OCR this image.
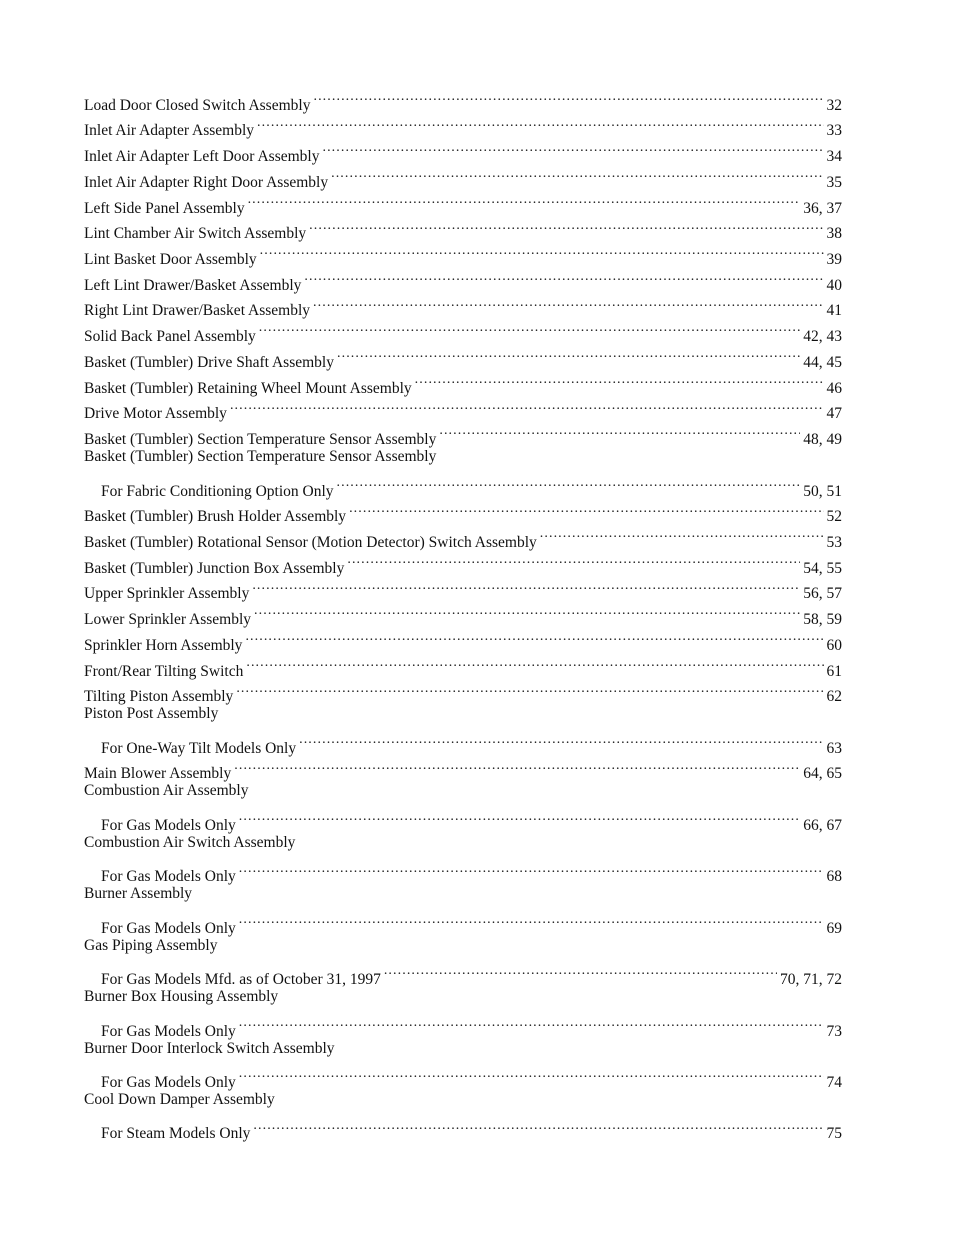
Load Door Closed Switch Assembly .....	32
Inlet Air Adapter Assembly .....	33
Inlet Air Adapter Left Door Assembly .....	34
Inlet Air Adapter Right Door Assembly .....	35
Left Side Panel Assembly .....	36, 37
Lint Chamber Air Switch Assembly .....	38
Lint Basket Door Assembly .....	39
Left Lint Drawer/Basket Assembly .....	40
Right Lint Drawer/Basket Assembly .....	41
Solid Back Panel Assembly .....	42, 43
Basket (Tumbler) Drive Shaft Assembly .....	44, 45
Basket (Tumbler) Retaining Wheel Mount Assembly .....	46
Drive Motor Assembly .....	47
Basket (Tumbler) Section Temperature Sensor Assembly .....	48, 49
Basket (Tumbler) Section Temperature Sensor Assembly
For Fabric Conditioning Option Only .....	50, 51
Basket (Tumbler) Brush Holder Assembly .....	52
Basket (Tumbler) Rotational Sensor (Motion Detector) Switch Assembly .....	53
Basket (Tumbler) Junction Box Assembly .....	54, 55
Upper Sprinkler Assembly .....	56, 57
Lower Sprinkler Assembly .....	58, 59
Sprinkler Horn Assembly .....	60
Front/Rear Tilting Switch .....	61
Tilting Piston Assembly .....	62
Piston Post Assembly
For One-Way Tilt Models Only .....	63
Main Blower Assembly .....	64, 65
Combustion Air Assembly
For Gas Models Only .....	66, 67
Combustion Air Switch Assembly
For Gas Models Only .....	68
Burner Assembly
For Gas Models Only .....	69
Gas Piping Assembly
For Gas Models Mfd. as of October 31, 1997 .....	70, 71, 72
Burner Box Housing Assembly
For Gas Models Only .....	73
Burner Door Interlock Switch Assembly
For Gas Models Only .....	74
Cool Down Damper Assembly
For Steam Models Only .....	75
